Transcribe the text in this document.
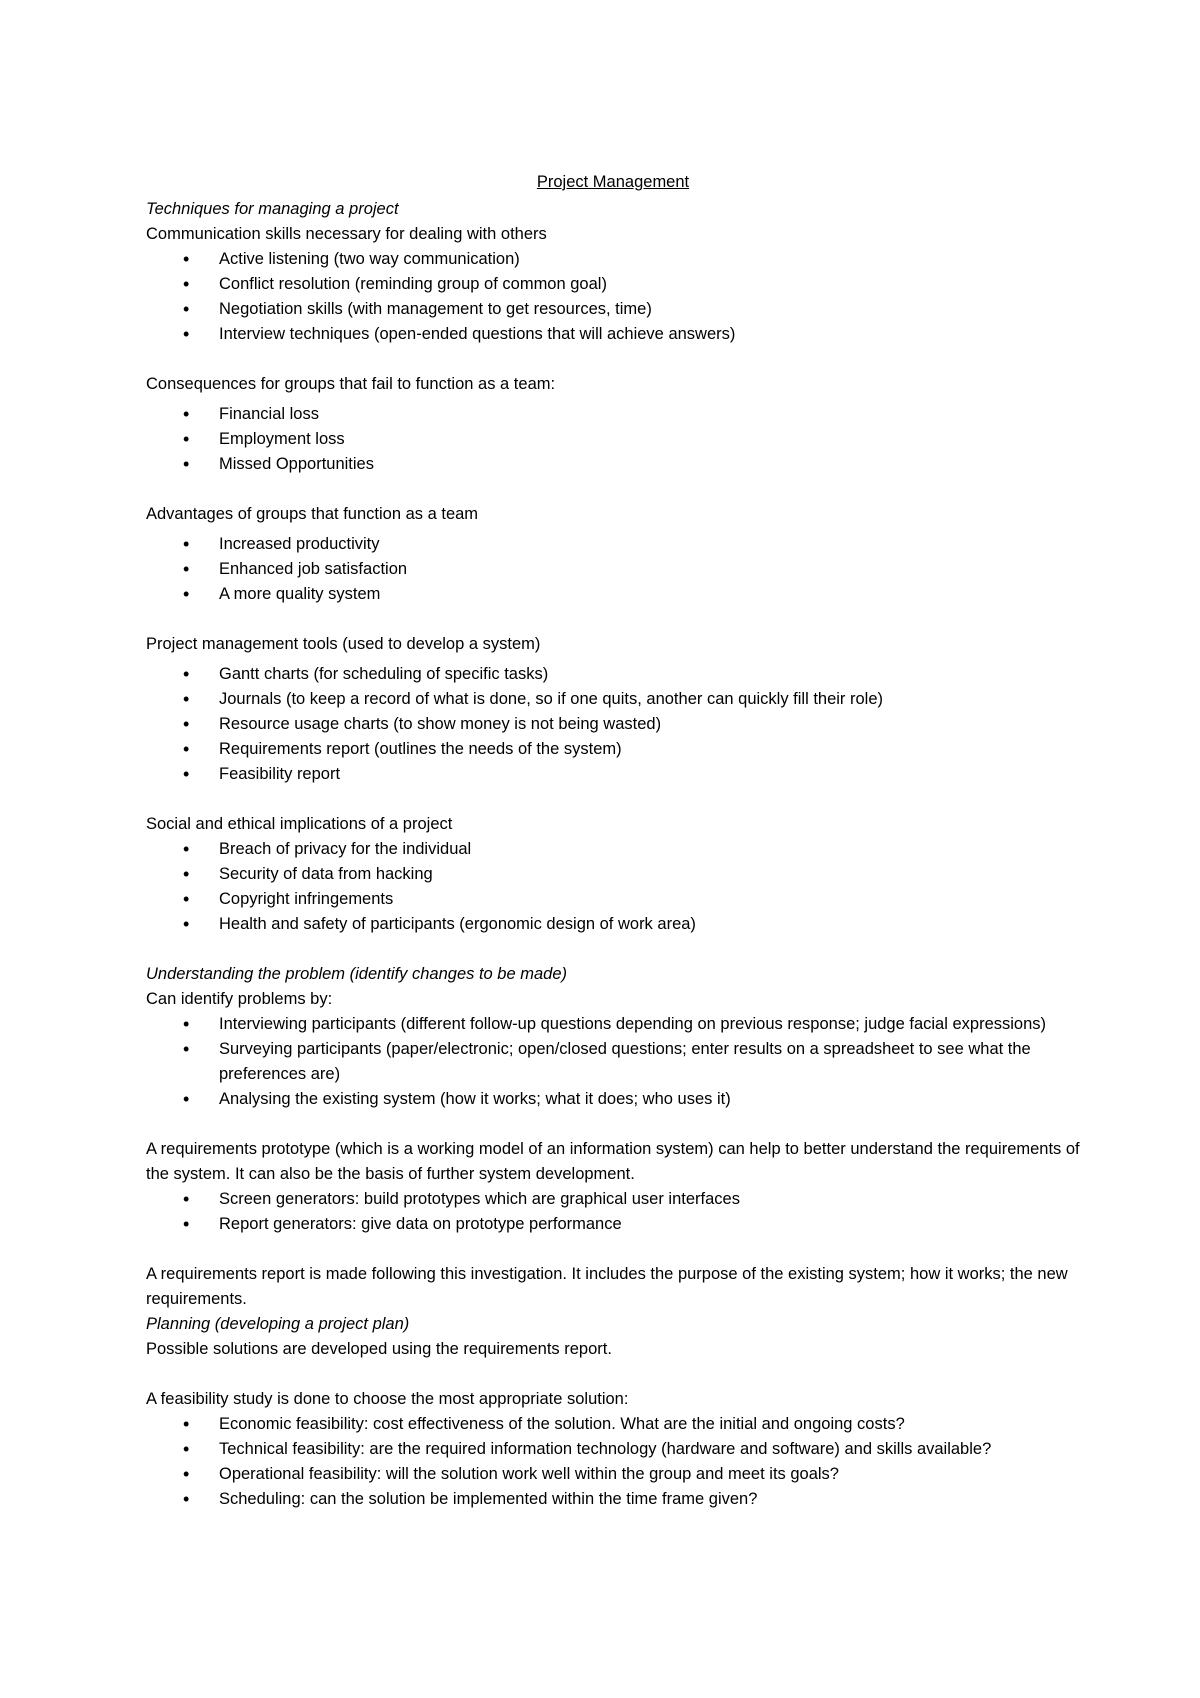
Project Management

Techniques for managing a project

Communication skills necessary for dealing with others

• Active listening (two way communication)
• Conflict resolution (reminding group of common goal)
• Negotiation skills (with management to get resources, time)
• Interview techniques (open-ended questions that will achieve answers)

Consequences for groups that fail to function as a team:

• Financial loss
• Employment loss
• Missed Opportunities

Advantages of groups that function as a team

• Increased productivity
• Enhanced job satisfaction
• A more quality system

Project management tools (used to develop a system)

• Gantt charts (for scheduling of specific tasks)
• Journals (to keep a record of what is done, so if one quits, another can quickly fill their role)
• Resource usage charts (to show money is not being wasted)
• Requirements report (outlines the needs of the system)
• Feasibility report

Social and ethical implications of a project

• Breach of privacy for the individual
• Security of data from hacking
• Copyright infringements
• Health and safety of participants (ergonomic design of work area)

Understanding the problem (identify changes to be made)

Can identify problems by:

• Interviewing participants (different follow-up questions depending on previous response; judge facial expressions)
• Surveying participants (paper/electronic; open/closed questions; enter results on a spreadsheet to see what the preferences are)
• Analysing the existing system (how it works; what it does; who uses it)

A requirements prototype (which is a working model of an information system) can help to better understand the requirements of the system. It can also be the basis of further system development.

• Screen generators: build prototypes which are graphical user interfaces
• Report generators: give data on prototype performance

A requirements report is made following this investigation. It includes the purpose of the existing system; how it works; the new requirements.

Planning (developing a project plan)

Possible solutions are developed using the requirements report.

A feasibility study is done to choose the most appropriate solution:

• Economic feasibility: cost effectiveness of the solution. What are the initial and ongoing costs?
• Technical feasibility: are the required information technology (hardware and software) and skills available?
• Operational feasibility: will the solution work well within the group and meet its goals?
• Scheduling: can the solution be implemented within the time frame given?
